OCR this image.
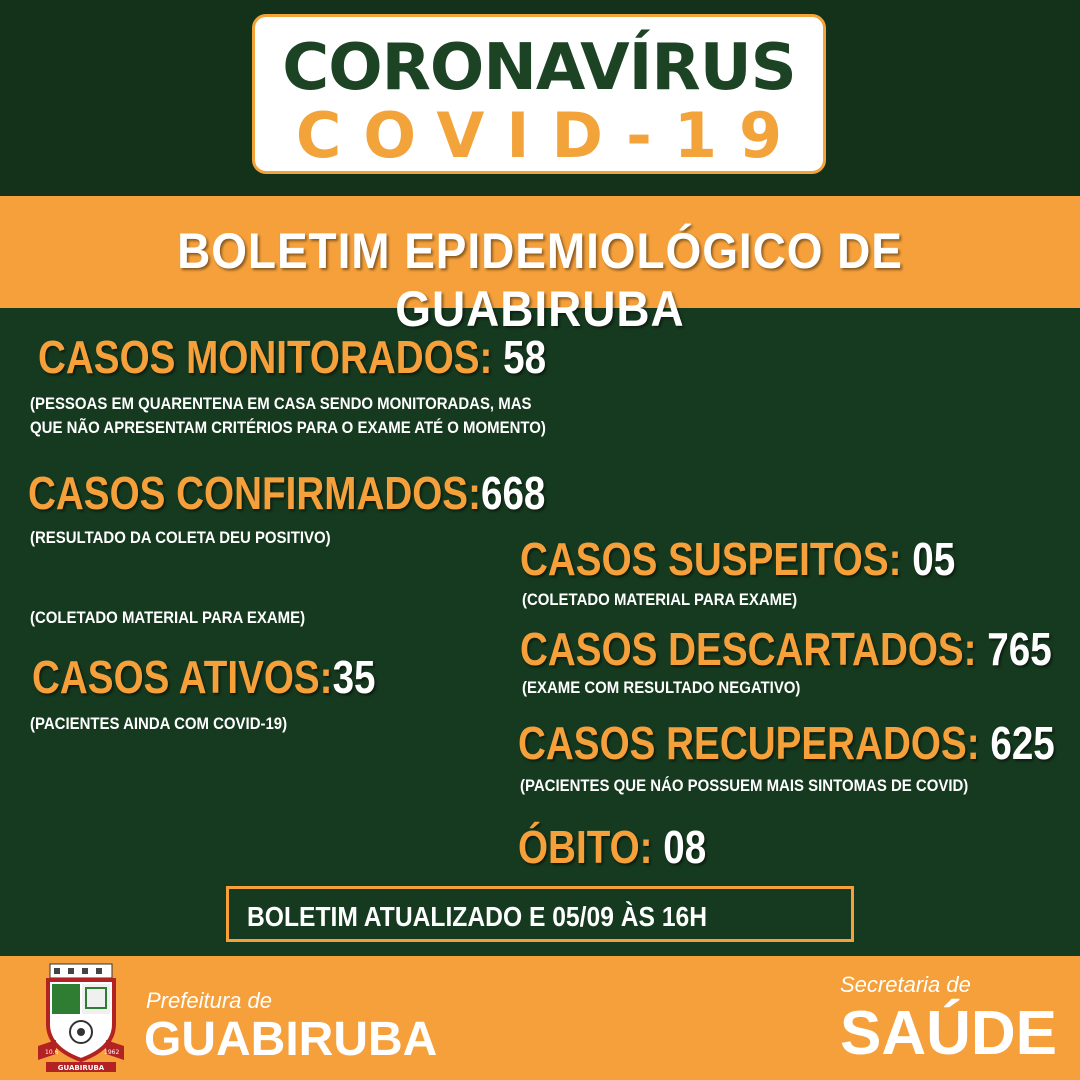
CORONAVÍRUS
COVID-19
BOLETIM EPIDEMIOLÓGICO DE GUABIRUBA
CASOS MONITORADOS: 58
(PESSOAS EM QUARENTENA EM CASA SENDO MONITORADAS, MAS
QUE NÃO APRESENTAM CRITÉRIOS PARA O EXAME ATÉ O MOMENTO)
CASOS CONFIRMADOS:668
(RESULTADO DA COLETA DEU POSITIVO)
(COLETADO MATERIAL PARA EXAME)
CASOS ATIVOS:35
(PACIENTES AINDA COM COVID-19)
CASOS SUSPEITOS: 05
(COLETADO MATERIAL PARA EXAME)
CASOS DESCARTADOS: 765
(EXAME COM RESULTADO NEGATIVO)
CASOS RECUPERADOS: 625
(PACIENTES QUE NÁO POSSUEM MAIS SINTOMAS DE COVID)
ÓBITO: 08
BOLETIM ATUALIZADO E 05/09 ÀS 16H
GUABIRUBA
10.6	1962
Prefeitura de
GUABIRUBA
Secretaria de
SAÚDE
